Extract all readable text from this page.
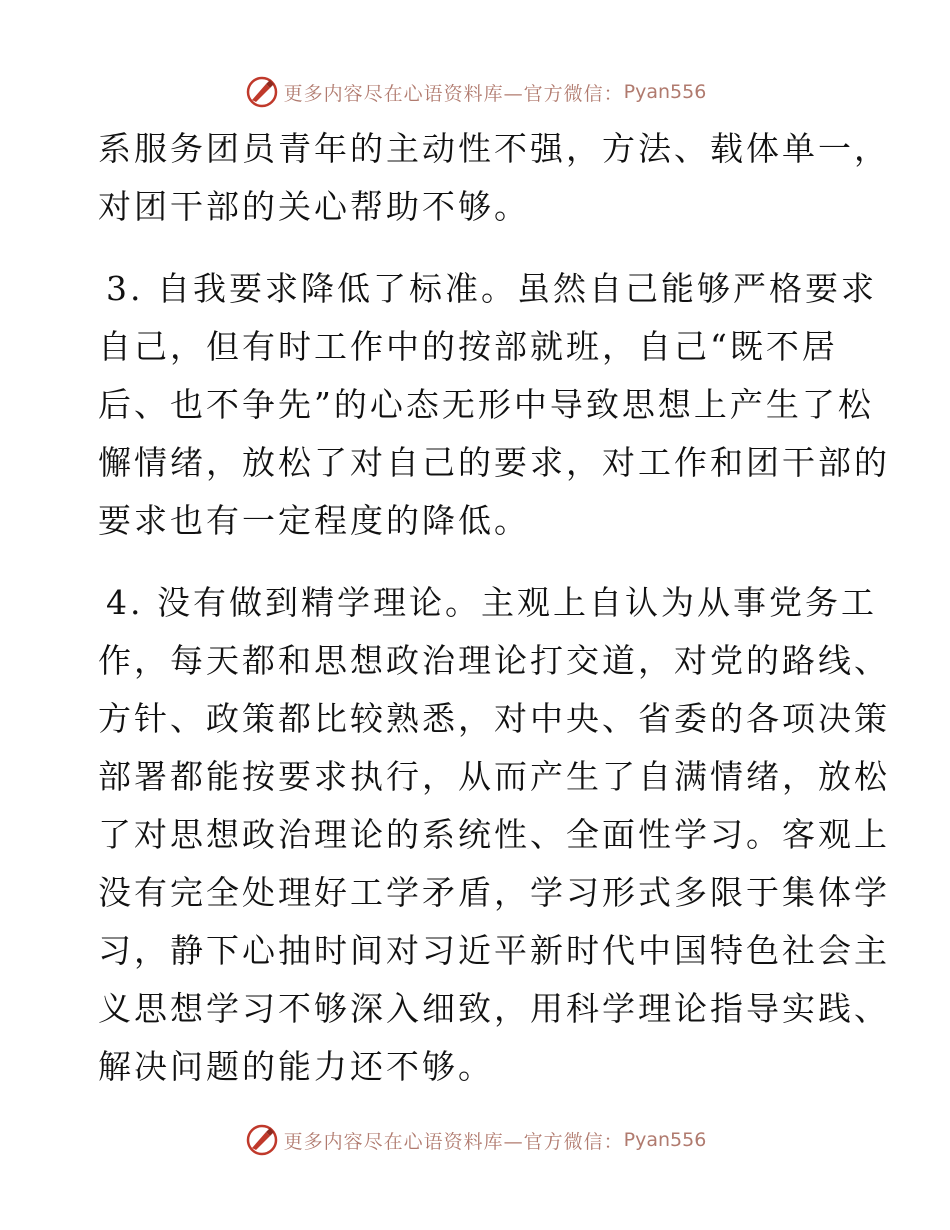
更多内容尽在心语资料库—官方微信： Pyan556
系服务团员青年的主动性不强，方法、载体单一，
对团干部的关心帮助不够。
3. 自我要求降低了标准。虽然自己能够严格要求
自己，但有时工作中的按部就班，自己“既不居
后、也不争先”的心态无形中导致思想上产生了松
懈情绪，放松了对自己的要求，对工作和团干部的
要求也有一定程度的降低。
4. 没有做到精学理论。主观上自认为从事党务工
作，每天都和思想政治理论打交道，对党的路线、
方针、政策都比较熟悉，对中央、省委的各项决策
部署都能按要求执行，从而产生了自满情绪，放松
了对思想政治理论的系统性、全面性学习。客观上
没有完全处理好工学矛盾，学习形式多限于集体学
习，静下心抽时间对习近平新时代中国特色社会主
义思想学习不够深入细致，用科学理论指导实践、
解决问题的能力还不够。
更多内容尽在心语资料库—官方微信： Pyan556
